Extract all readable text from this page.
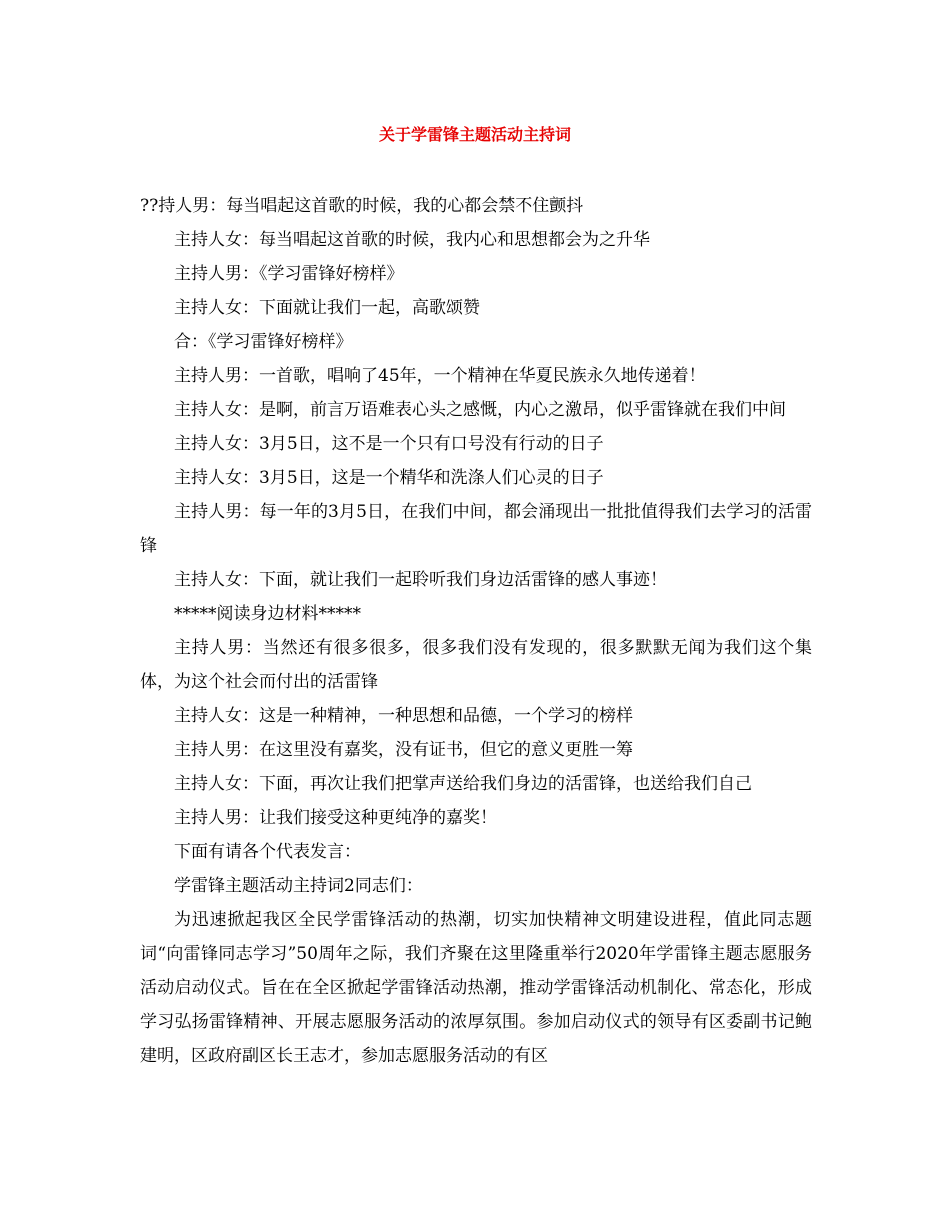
关于学雷锋主题活动主持词

??持人男：每当唱起这首歌的时候，我的心都会禁不住颤抖

主持人女：每当唱起这首歌的时候，我内心和思想都会为之升华

主持人男：《学习雷锋好榜样》

主持人女：下面就让我们一起，高歌颂赞

合：《学习雷锋好榜样》

主持人男：一首歌，唱响了45年，一个精神在华夏民族永久地传递着！

主持人女：是啊，前言万语难表心头之感慨，内心之激昂，似乎雷锋就在我们中间

主持人女：3月5日，这不是一个只有口号没有行动的日子

主持人女：3月5日，这是一个精华和洗涤人们心灵的日子

主持人男：每一年的3月5日，在我们中间，都会涌现出一批批值得我们去学习的活雷锋

主持人女：下面，就让我们一起聆听我们身边活雷锋的感人事迹！

*****阅读身边材料*****

主持人男：当然还有很多很多，很多我们没有发现的，很多默默无闻为我们这个集体，为这个社会而付出的活雷锋

主持人女：这是一种精神，一种思想和品德，一个学习的榜样

主持人男：在这里没有嘉奖，没有证书，但它的意义更胜一筹

主持人女：下面，再次让我们把掌声送给我们身边的活雷锋，也送给我们自己

主持人男：让我们接受这种更纯净的嘉奖！

下面有请各个代表发言：

学雷锋主题活动主持词2同志们：

为迅速掀起我区全民学雷锋活动的热潮，切实加快精神文明建设进程，值此同志题词“向雷锋同志学习”50周年之际，我们齐聚在这里隆重举行2020年学雷锋主题志愿服务活动启动仪式。旨在在全区掀起学雷锋活动热潮，推动学雷锋活动机制化、常态化，形成学习弘扬雷锋精神、开展志愿服务活动的浓厚氛围。参加启动仪式的领导有区委副书记鲍建明，区政府副区长王志才，参加志愿服务活动的有区
